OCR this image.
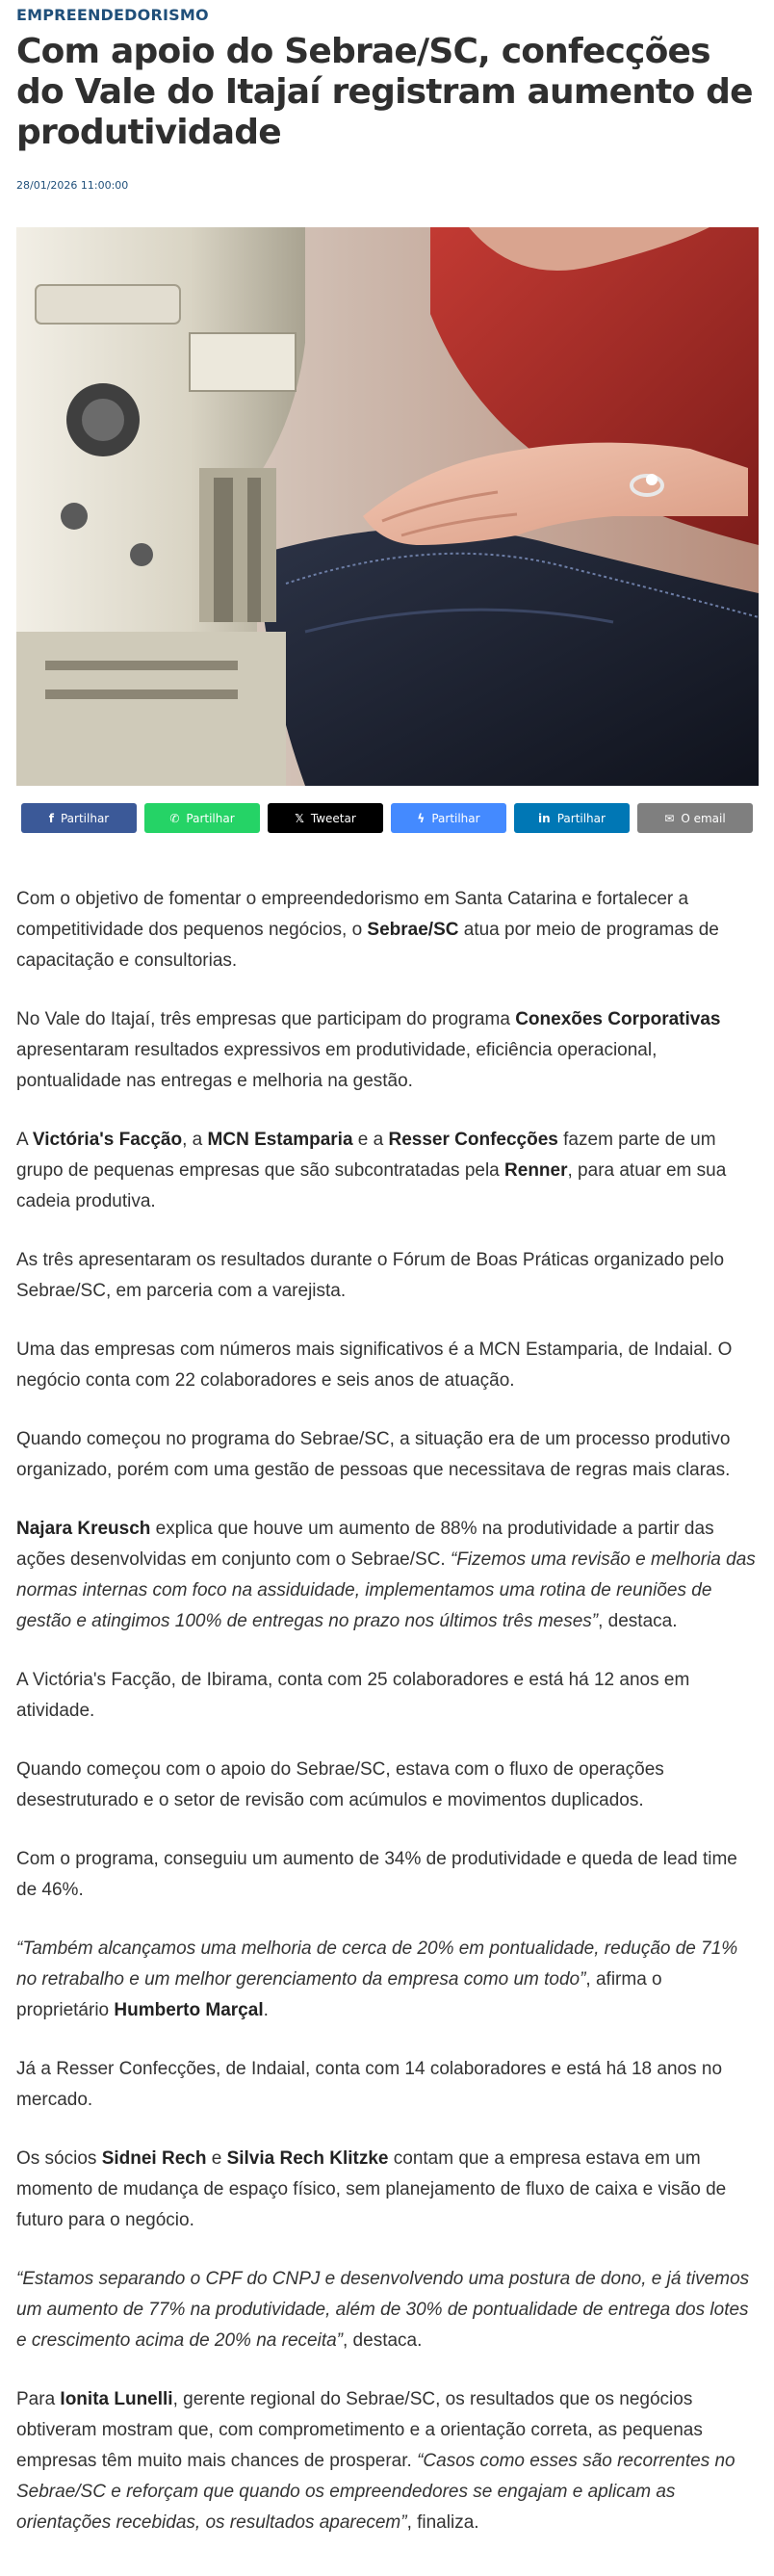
EMPREENDEDORISMO
Com apoio do Sebrae/SC, confecções do Vale do Itajaí registram aumento de produtividade
28/01/2026 11:00:00
f Partilhar	✆ Partilhar	𝕏 Tweetar	ϟ Partilhar	in Partilhar	✉ O email

Com o objetivo de fomentar o empreendedorismo em Santa Catarina e fortalecer a competitividade dos pequenos negócios, o Sebrae/SC atua por meio de programas de capacitação e consultorias.

No Vale do Itajaí, três empresas que participam do programa Conexões Corporativas apresentaram resultados expressivos em produtividade, eficiência operacional, pontualidade nas entregas e melhoria na gestão.

A Victória's Facção, a MCN Estamparia e a Resser Confecções fazem parte de um grupo de pequenas empresas que são subcontratadas pela Renner, para atuar em sua cadeia produtiva.

As três apresentaram os resultados durante o Fórum de Boas Práticas organizado pelo Sebrae/SC, em parceria com a varejista.

Uma das empresas com números mais significativos é a MCN Estamparia, de Indaial. O negócio conta com 22 colaboradores e seis anos de atuação.

Quando começou no programa do Sebrae/SC, a situação era de um processo produtivo organizado, porém com uma gestão de pessoas que necessitava de regras mais claras.

Najara Kreusch explica que houve um aumento de 88% na produtividade a partir das ações desenvolvidas em conjunto com o Sebrae/SC. “Fizemos uma revisão e melhoria das normas internas com foco na assiduidade, implementamos uma rotina de reuniões de gestão e atingimos 100% de entregas no prazo nos últimos três meses”, destaca.

A Victória's Facção, de Ibirama, conta com 25 colaboradores e está há 12 anos em atividade.

Quando começou com o apoio do Sebrae/SC, estava com o fluxo de operações desestruturado e o setor de revisão com acúmulos e movimentos duplicados.

Com o programa, conseguiu um aumento de 34% de produtividade e queda de lead time de 46%.

“Também alcançamos uma melhoria de cerca de 20% em pontualidade, redução de 71% no retrabalho e um melhor gerenciamento da empresa como um todo”, afirma o proprietário Humberto Marçal.

Já a Resser Confecções, de Indaial, conta com 14 colaboradores e está há 18 anos no mercado.

Os sócios Sidnei Rech e Silvia Rech Klitzke contam que a empresa estava em um momento de mudança de espaço físico, sem planejamento de fluxo de caixa e visão de futuro para o negócio.

“Estamos separando o CPF do CNPJ e desenvolvendo uma postura de dono, e já tivemos um aumento de 77% na produtividade, além de 30% de pontualidade de entrega dos lotes e crescimento acima de 20% na receita”, destaca.

Para Ionita Lunelli, gerente regional do Sebrae/SC, os resultados que os negócios obtiveram mostram que, com comprometimento e a orientação correta, as pequenas empresas têm muito mais chances de prosperar. “Casos como esses são recorrentes no Sebrae/SC e reforçam que quando os empreendedores se engajam e aplicam as orientações recebidas, os resultados aparecem”, finaliza.
